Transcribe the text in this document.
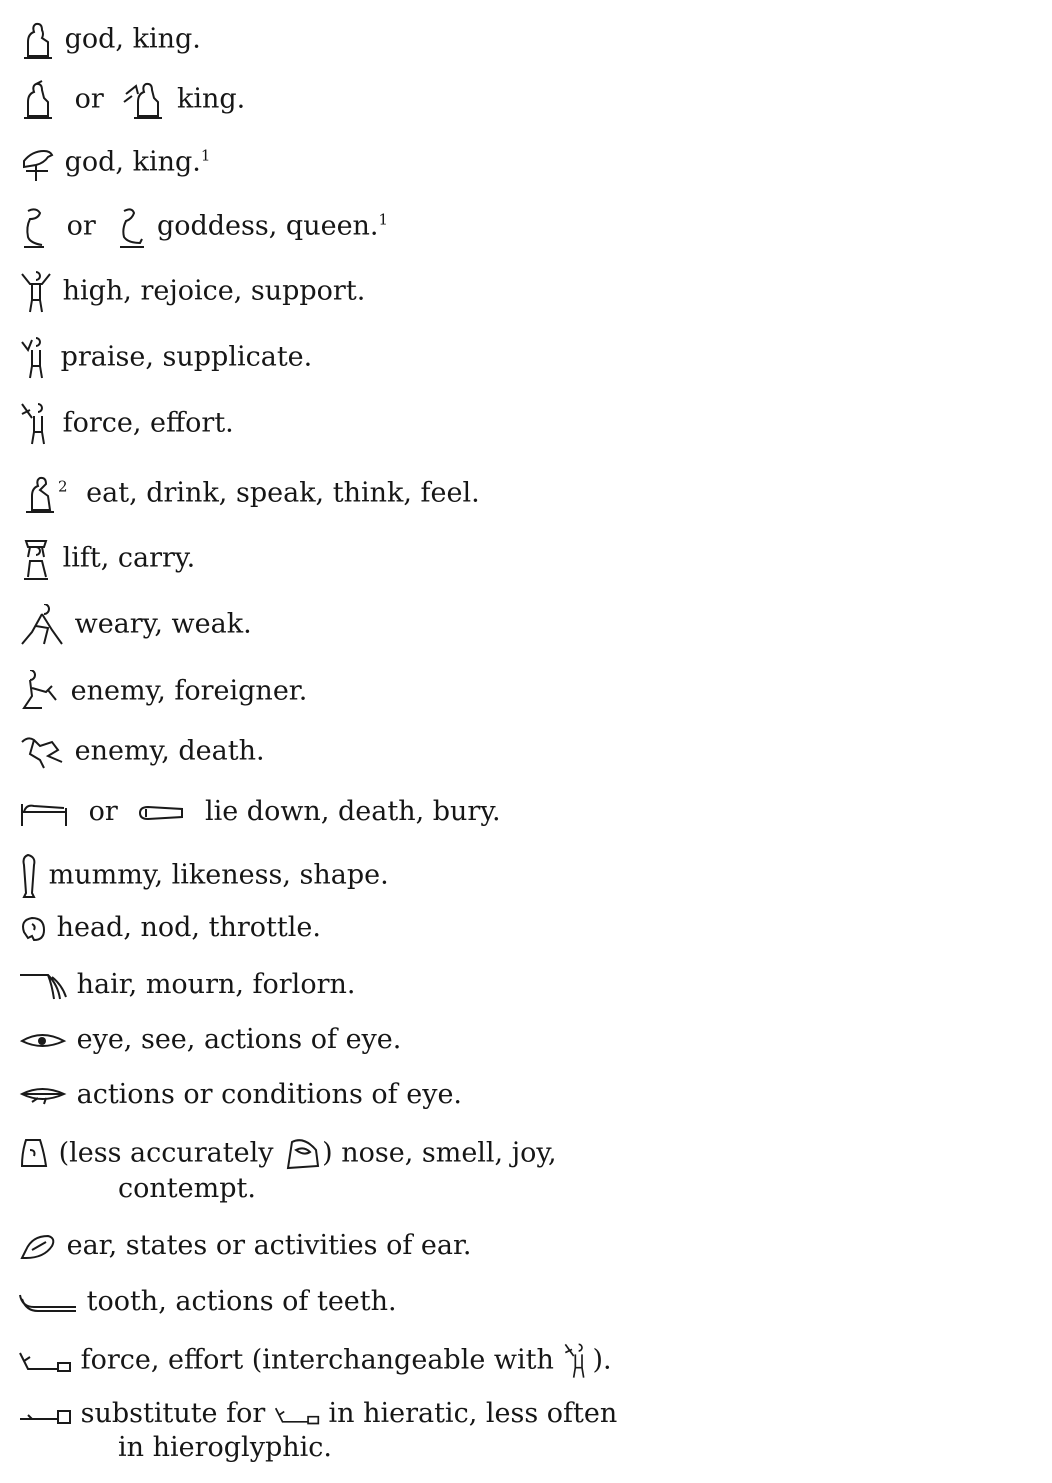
god, king.
or	king.
god, king.$^1$
or goddess, queen.$^1$
high, rejoice, support.
praise, supplicate.
force, effort.
$^2$ eat, drink, speak, think, feel.
lift, carry.
weary, weak.
enemy, foreigner.
enemy, death.
or	lie down, death, bury.
mummy, likeness, shape.
head, nod, throttle.
hair, mourn, forlorn.
eye, see, actions of eye.
actions or conditions of eye.
(less accurately ) nose, smell, joy,
contempt.
ear, states or activities of ear.
tooth, actions of teeth.
force, effort (interchangeable with ).
substitute for in hieratic, less often
in hieroglyphic.
